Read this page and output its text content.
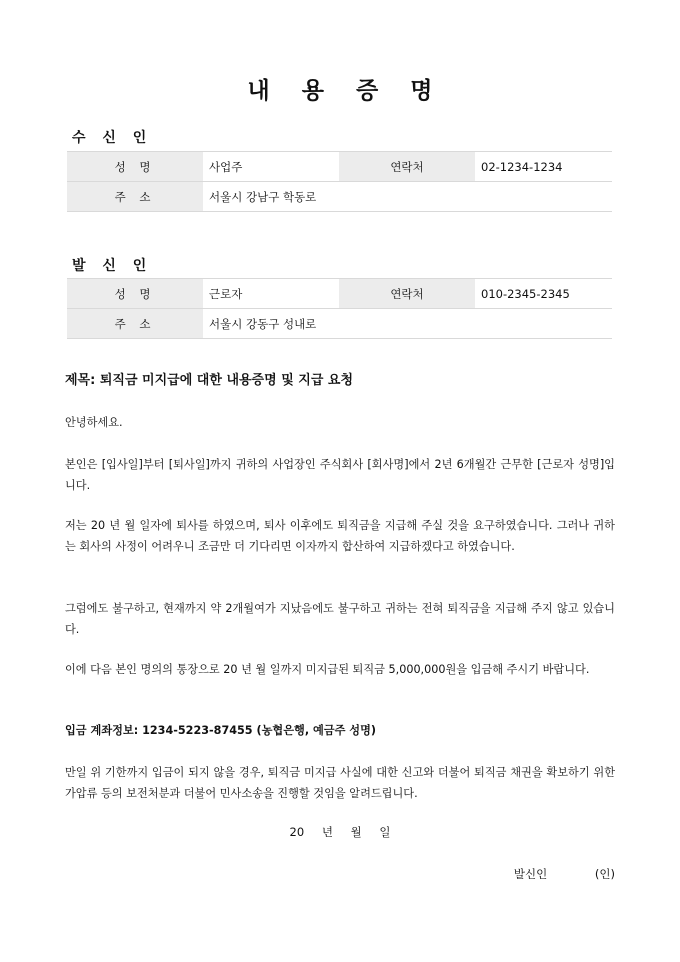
내 용 증 명
수 신 인
성 명	사업주	연락처	02-1234-1234
주 소	서울시 강남구 학동로		
발 신 인
성 명	근로자	연락처	010-2345-2345
주 소	서울시 강동구 성내로		
제목: 퇴직금 미지급에 대한 내용증명 및 지급 요청

안녕하세요.

본인은 [입사일]부터 [퇴사일]까지 귀하의 사업장인 주식회사 [회사명]에서 2년 6개월간 근무한 [근로자 성명]입니다.

저는 20 년 월 일자에 퇴사를 하였으며, 퇴사 이후에도 퇴직금을 지급해 주실 것을 요구하였습니다. 그러나 귀하는 회사의 사정이 어려우니 조금만 더 기다리면 이자까지 합산하여 지급하겠다고 하였습니다.

그럼에도 불구하고, 현재까지 약 2개월여가 지났음에도 불구하고 귀하는 전혀 퇴직금을 지급해 주지 않고 있습니다.

이에 다음 본인 명의의 통장으로 20 년 월 일까지 미지급된 퇴직금 5,000,000원을 입금해 주시기 바랍니다.

입금 계좌정보: 1234-5223-87455 (농협은행, 예금주 성명)

만일 위 기한까지 입금이 되지 않을 경우, 퇴직금 미지급 사실에 대한 신고와 더불어 퇴직금 채권을 확보하기 위한 가압류 등의 보전처분과 더불어 민사소송을 진행할 것임을 알려드립니다.

20 년 월 일
발신인	(인)
